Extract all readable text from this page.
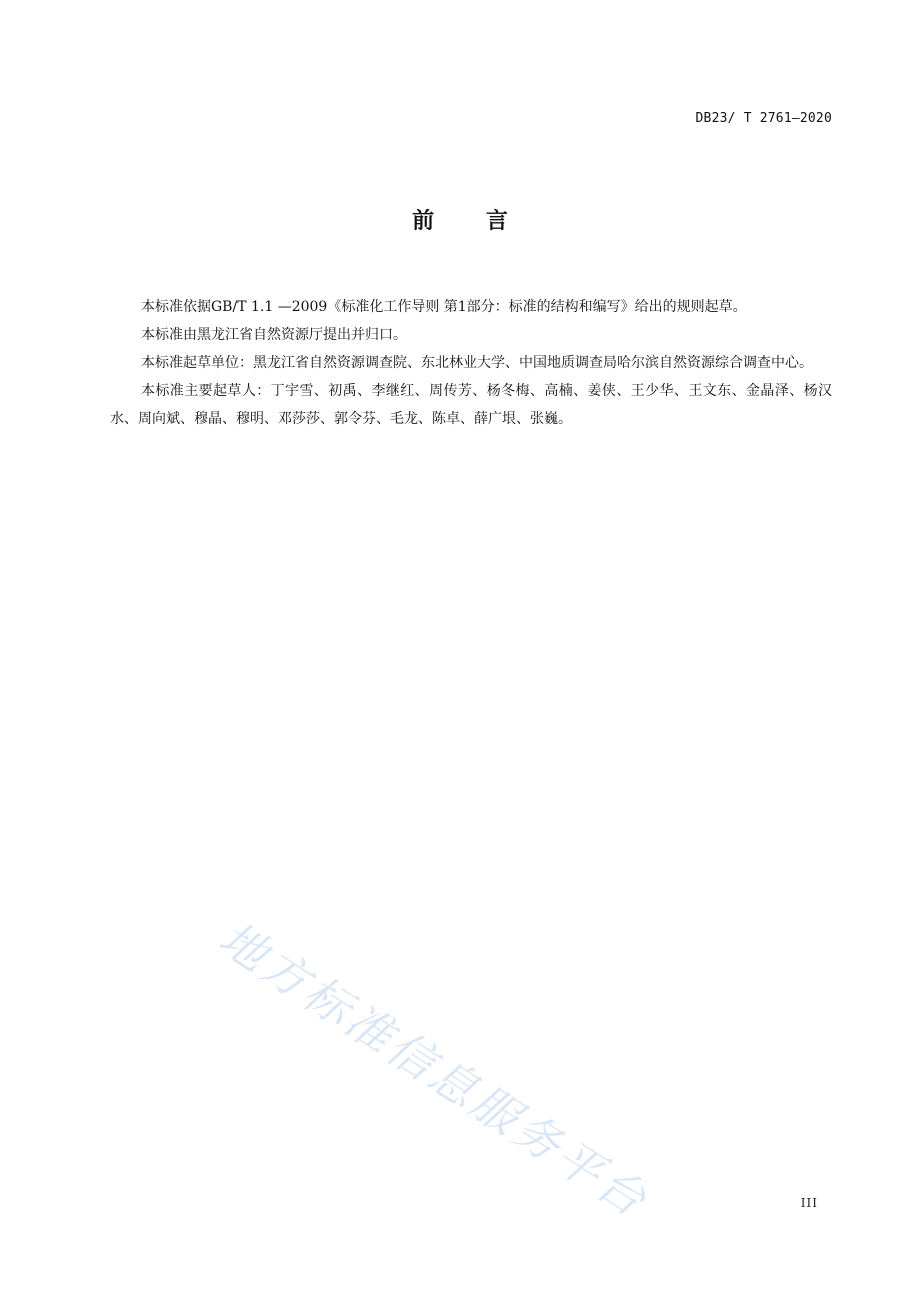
DB23/ T 2761—2020
前 言

本标准依据GB/T 1.1 —2009《标准化工作导则 第1部分：标准的结构和编写》给出的规则起草。

本标准由黑龙江省自然资源厅提出并归口。

本标准起草单位：黑龙江省自然资源调查院、东北林业大学、中国地质调查局哈尔滨自然资源综合调查中心。

本标准主要起草人：丁宇雪、初禹、李继红、周传芳、杨冬梅、高楠、姜侠、王少华、王文东、金晶泽、杨汉水、周向斌、穆晶、穆明、邓莎莎、郭令芬、毛龙、陈卓、薛广垠、张巍。

地方标准信息服务平台	III
